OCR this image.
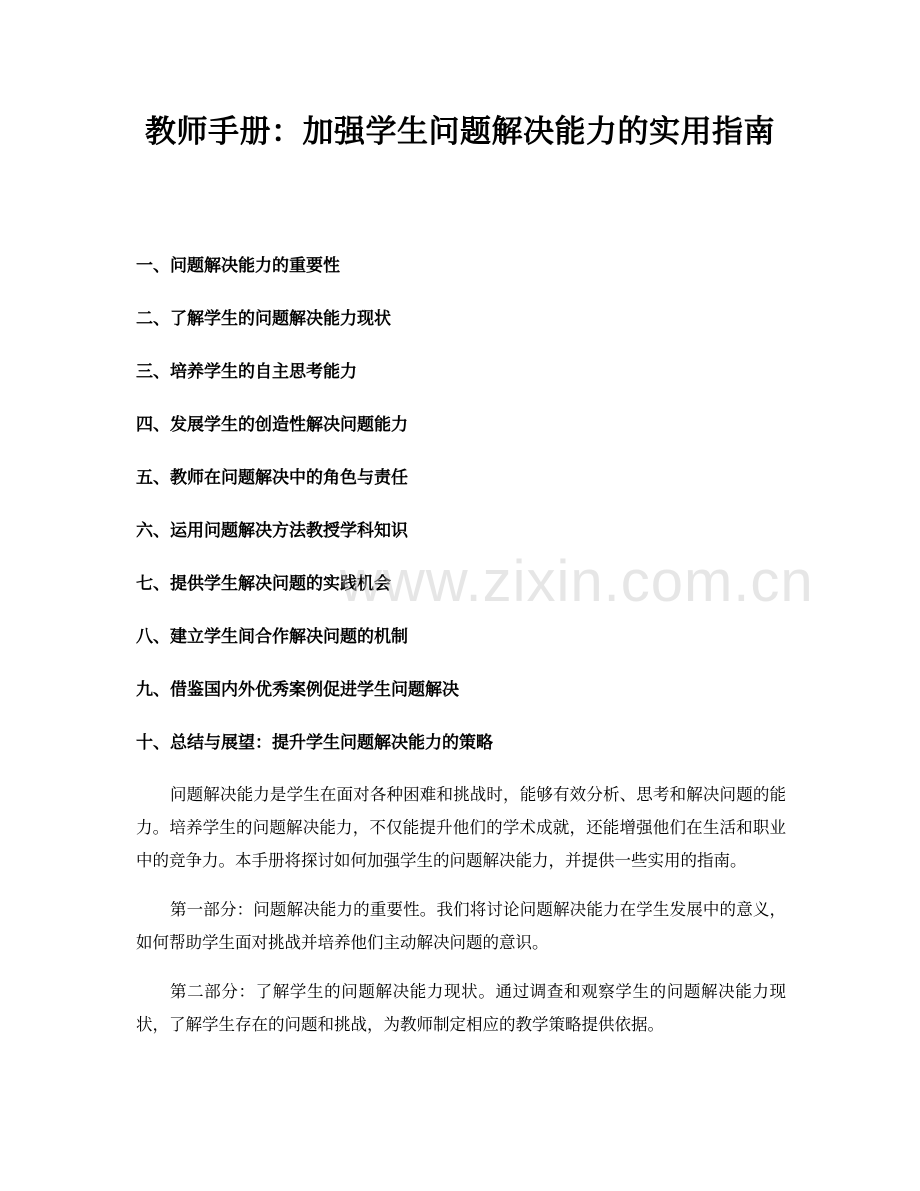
教师手册：加强学生问题解决能力的实用指南
一、问题解决能力的重要性
二、了解学生的问题解决能力现状
三、培养学生的自主思考能力
四、发展学生的创造性解决问题能力
五、教师在问题解决中的角色与责任
六、运用问题解决方法教授学科知识
七、提供学生解决问题的实践机会
八、建立学生间合作解决问题的机制
九、借鉴国内外优秀案例促进学生问题解决
十、总结与展望：提升学生问题解决能力的策略

问题解决能力是学生在面对各种困难和挑战时，能够有效分析、思考和解决问题的能力。培养学生的问题解决能力，不仅能提升他们的学术成就，还能增强他们在生活和职业中的竞争力。本手册将探讨如何加强学生的问题解决能力，并提供一些实用的指南。

第一部分：问题解决能力的重要性。我们将讨论问题解决能力在学生发展中的意义，如何帮助学生面对挑战并培养他们主动解决问题的意识。

第二部分：了解学生的问题解决能力现状。通过调查和观察学生的问题解决能力现状，了解学生存在的问题和挑战，为教师制定相应的教学策略提供依据。

www.zixin.com.cn
